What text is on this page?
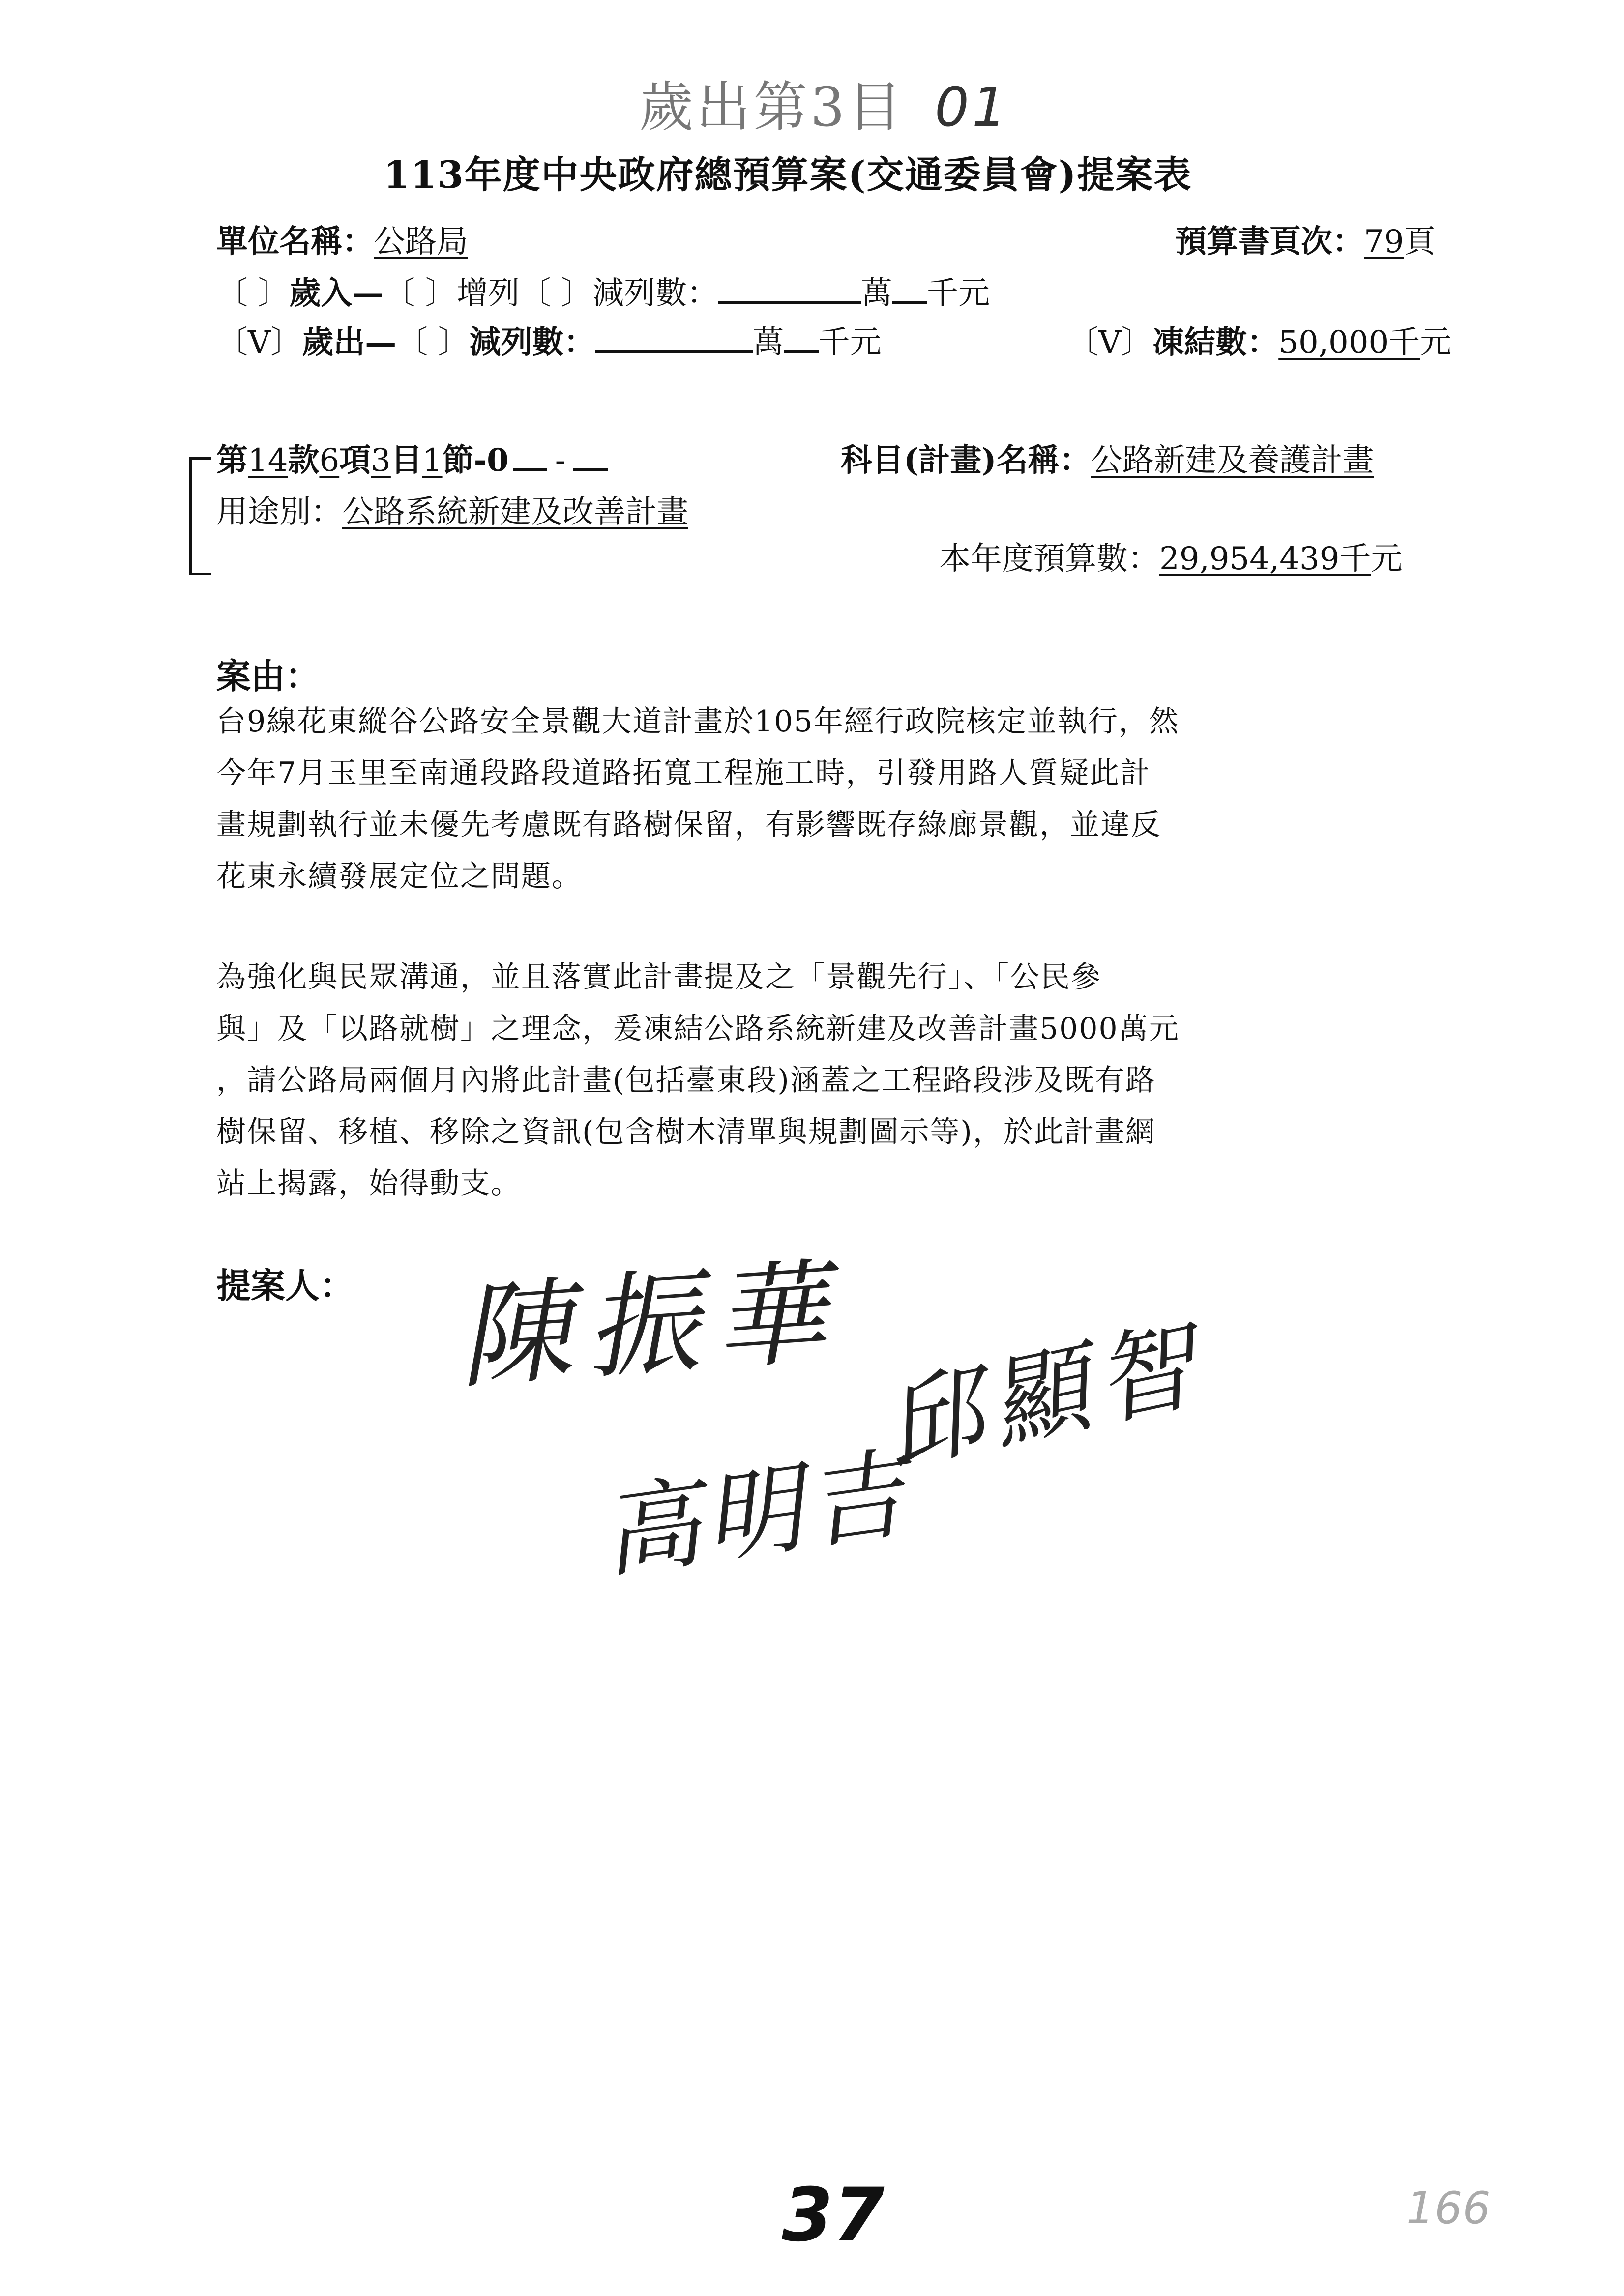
歲出第3目 01
113年度中央政府總預算案(交通委員會)提案表
單位名稱：公路局	預算書頁次：79頁
〔 〕歲入—〔 〕增列〔 〕減列數：	萬 千元
〔V〕歲出—〔 〕減列數：	萬 千元	〔V〕凍結數：50,000千元
第14款6項3目1節-0 -	科目(計畫)名稱：公路新建及養護計畫
用途別：公路系統新建及改善計畫
本年度預算數：29,954,439千元
案由：
台9線花東縱谷公路安全景觀大道計畫於105年經行政院核定並執行，然
今年7月玉里至南通段路段道路拓寬工程施工時，引發用路人質疑此計
畫規劃執行並未優先考慮既有路樹保留，有影響既存綠廊景觀，並違反
花東永續發展定位之問題。
為強化與民眾溝通，並且落實此計畫提及之「景觀先行」、「公民參
與」及「以路就樹」之理念，爰凍結公路系統新建及改善計畫5000萬元
，請公路局兩個月內將此計畫(包括臺東段)涵蓋之工程路段涉及既有路
樹保留、移植、移除之資訊(包含樹木清單與規劃圖示等)，於此計畫網
站上揭露，始得動支。
提案人： 陳振華 邱顯智
高明吉
37	166
